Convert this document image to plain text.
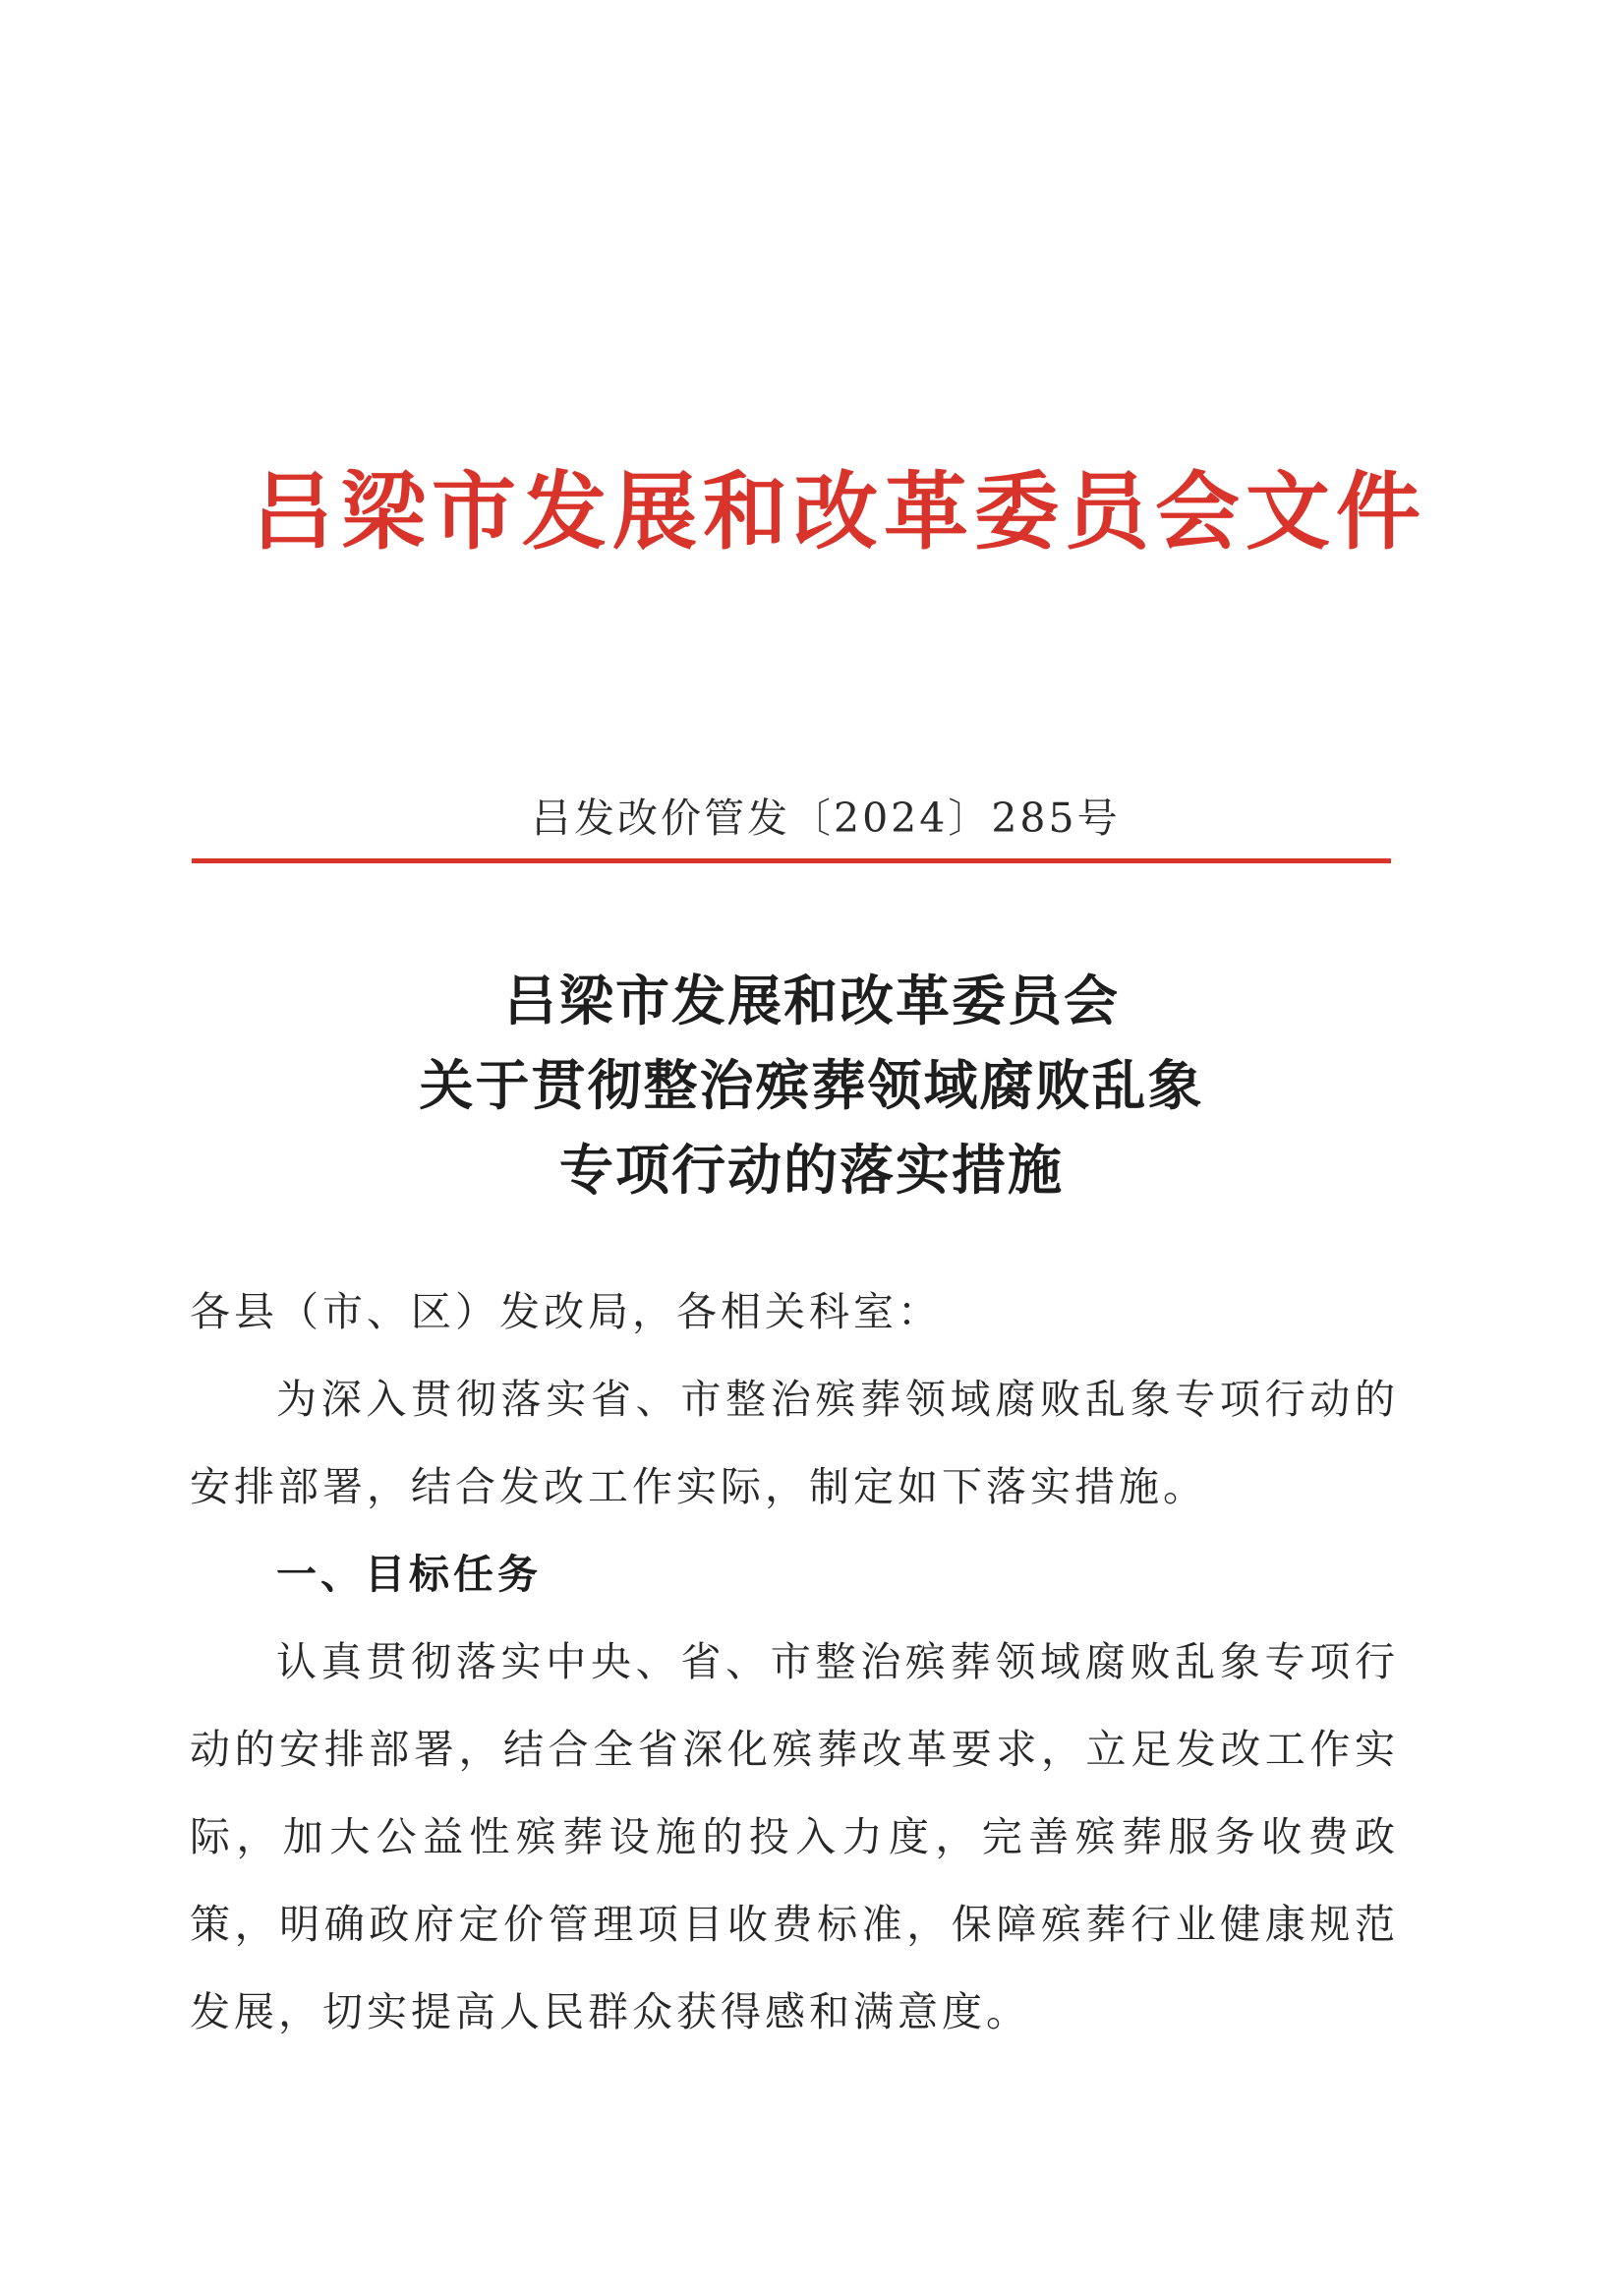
吕梁市发展和改革委员会文件
吕发改价管发〔2024〕285号
吕梁市发展和改革委员会
关于贯彻整治殡葬领域腐败乱象
专项行动的落实措施

各县（市、区）发改局，各相关科室：

为深入贯彻落实省、市整治殡葬领域腐败乱象专项行动的安排部署，结合发改工作实际，制定如下落实措施。

一、目标任务

认真贯彻落实中央、省、市整治殡葬领域腐败乱象专项行动的安排部署，结合全省深化殡葬改革要求，立足发改工作实际，加大公益性殡葬设施的投入力度，完善殡葬服务收费政策，明确政府定价管理项目收费标准，保障殡葬行业健康规范发展，切实提高人民群众获得感和满意度。
